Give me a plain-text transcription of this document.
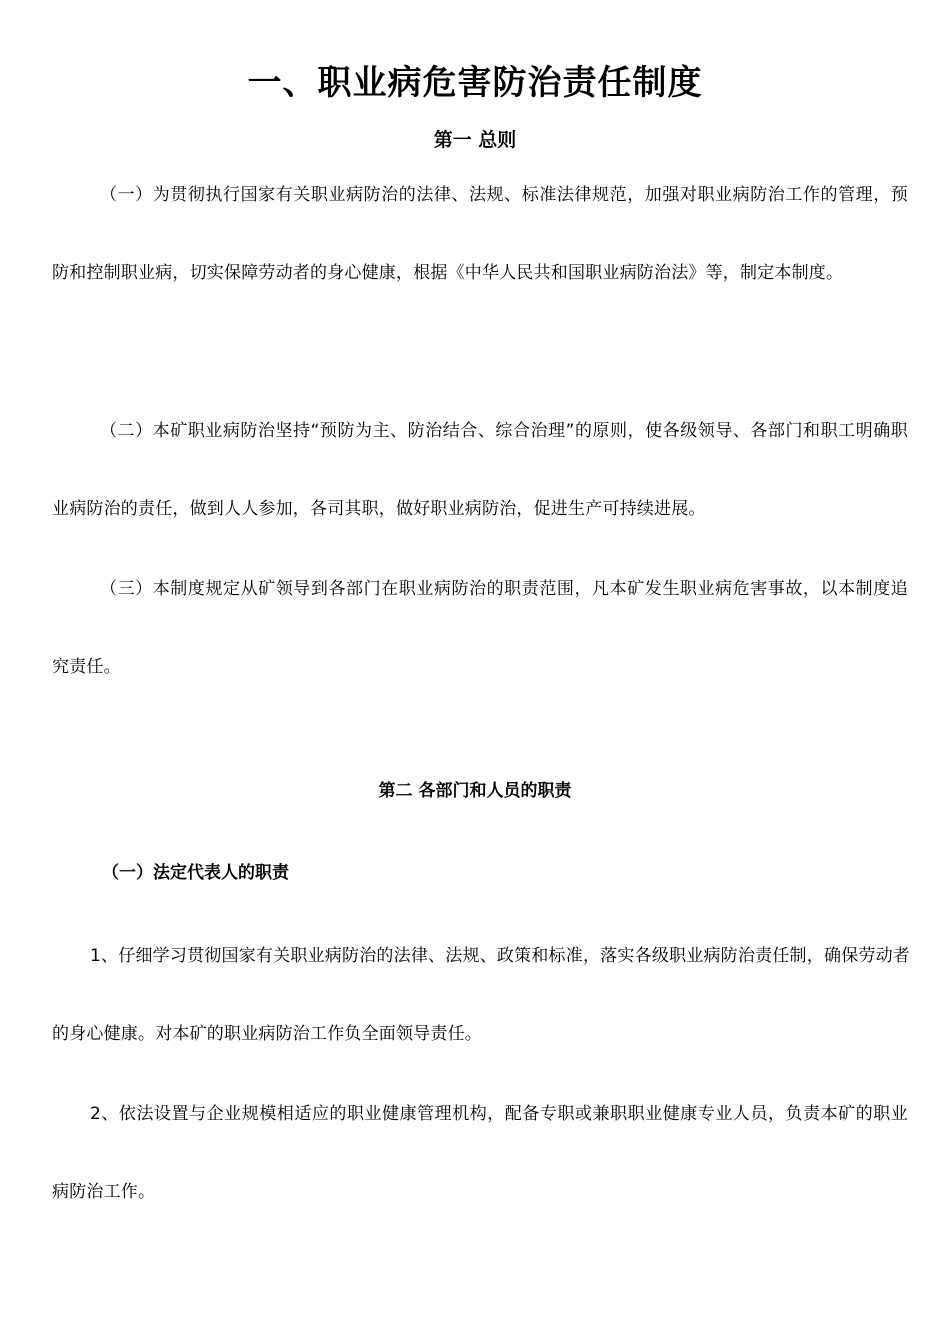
一、职业病危害防治责任制度
第一 总则

（一）为贯彻执行国家有关职业病防治的法律、法规、标准法律规范，加强对职业病防治工作的管理，预防和控制职业病，切实保障劳动者的身心健康，根据《中华人民共和国职业病防治法》等，制定本制度。

（二）本矿职业病防治坚持“预防为主、防治结合、综合治理”的原则，使各级领导、各部门和职工明确职业病防治的责任，做到人人参加，各司其职，做好职业病防治，促进生产可持续进展。

（三）本制度规定从矿领导到各部门在职业病防治的职责范围，凡本矿发生职业病危害事故，以本制度追究责任。

第二 各部门和人员的职责
（一）法定代表人的职责

1、仔细学习贯彻国家有关职业病防治的法律、法规、政策和标准，落实各级职业病防治责任制，确保劳动者的身心健康。对本矿的职业病防治工作负全面领导责任。

2、依法设置与企业规模相适应的职业健康管理机构，配备专职或兼职职业健康专业人员，负责本矿的职业病防治工作。
